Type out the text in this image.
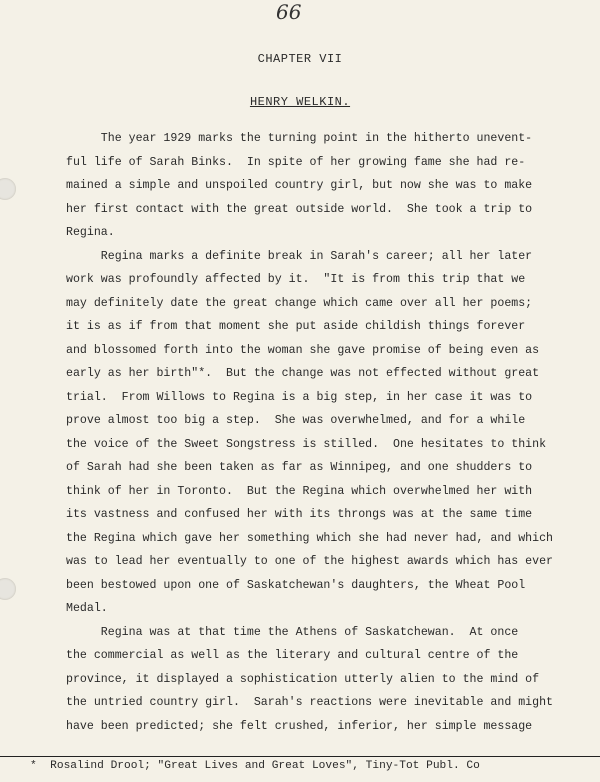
66
CHAPTER VII
HENRY WELKIN.
The year 1929 marks the turning point in the hitherto unevent-
ful life of Sarah Binks.  In spite of her growing fame she had re-
mained a simple and unspoiled country girl, but now she was to make
her first contact with the great outside world.  She took a trip to
Regina.
Regina marks a definite break in Sarah's career; all her later
work was profoundly affected by it.  "It is from this trip that we
may definitely date the great change which came over all her poems;
it is as if from that moment she put aside childish things forever
and blossomed forth into the woman she gave promise of being even as
early as her birth"*.  But the change was not effected without great
trial.  From Willows to Regina is a big step, in her case it was to
prove almost too big a step.  She was overwhelmed, and for a while
the voice of the Sweet Songstress is stilled.  One hesitates to think
of Sarah had she been taken as far as Winnipeg, and one shudders to
think of her in Toronto.  But the Regina which overwhelmed her with
its vastness and confused her with its throngs was at the same time
the Regina which gave her something which she had never had, and which
was to lead her eventually to one of the highest awards which has ever
been bestowed upon one of Saskatchewan's daughters, the Wheat Pool
Medal.
Regina was at that time the Athens of Saskatchewan.  At once
the commercial as well as the literary and cultural centre of the
province, it displayed a sophistication utterly alien to the mind of
the untried country girl.  Sarah's reactions were inevitable and might
have been predicted; she felt crushed, inferior, her simple message
*  Rosalind Drool; "Great Lives and Great Loves", Tiny-Tot Publ. Co
